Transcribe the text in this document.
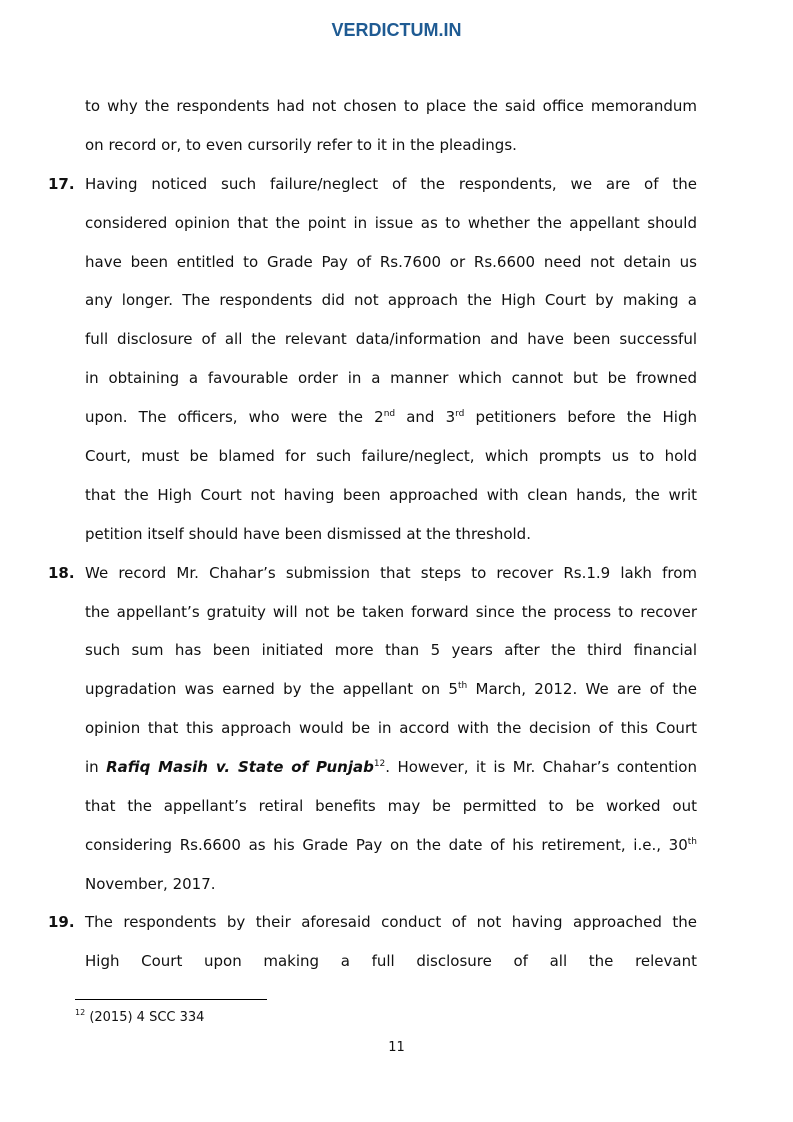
VERDICTUM.IN
to why the respondents had not chosen to place the said office memorandum
on record or, to even cursorily refer to it in the pleadings.
17. Having noticed such failure/neglect of the respondents, we are of the
considered opinion that the point in issue as to whether the appellant should
have been entitled to Grade Pay of Rs.7600 or Rs.6600 need not detain us
any longer. The respondents did not approach the High Court by making a
full disclosure of all the relevant data/information and have been successful
in obtaining a favourable order in a manner which cannot but be frowned
upon. The officers, who were the 2nd and 3rd petitioners before the High
Court, must be blamed for such failure/neglect, which prompts us to hold
that the High Court not having been approached with clean hands, the writ
petition itself should have been dismissed at the threshold.
18. We record Mr. Chahar’s submission that steps to recover Rs.1.9 lakh from
the appellant’s gratuity will not be taken forward since the process to recover
such sum has been initiated more than 5 years after the third financial
upgradation was earned by the appellant on 5th March, 2012. We are of the
opinion that this approach would be in accord with the decision of this Court
in Rafiq Masih v. State of Punjab$^{12}$. However, it is Mr. Chahar’s contention
that the appellant’s retiral benefits may be permitted to be worked out
considering Rs.6600 as his Grade Pay on the date of his retirement, i.e., 30th
November, 2017.
19. The respondents by their aforesaid conduct of not having approached the
High Court upon making a full disclosure of all the relevant
$^{12}$ (2015) 4 SCC 334
11
